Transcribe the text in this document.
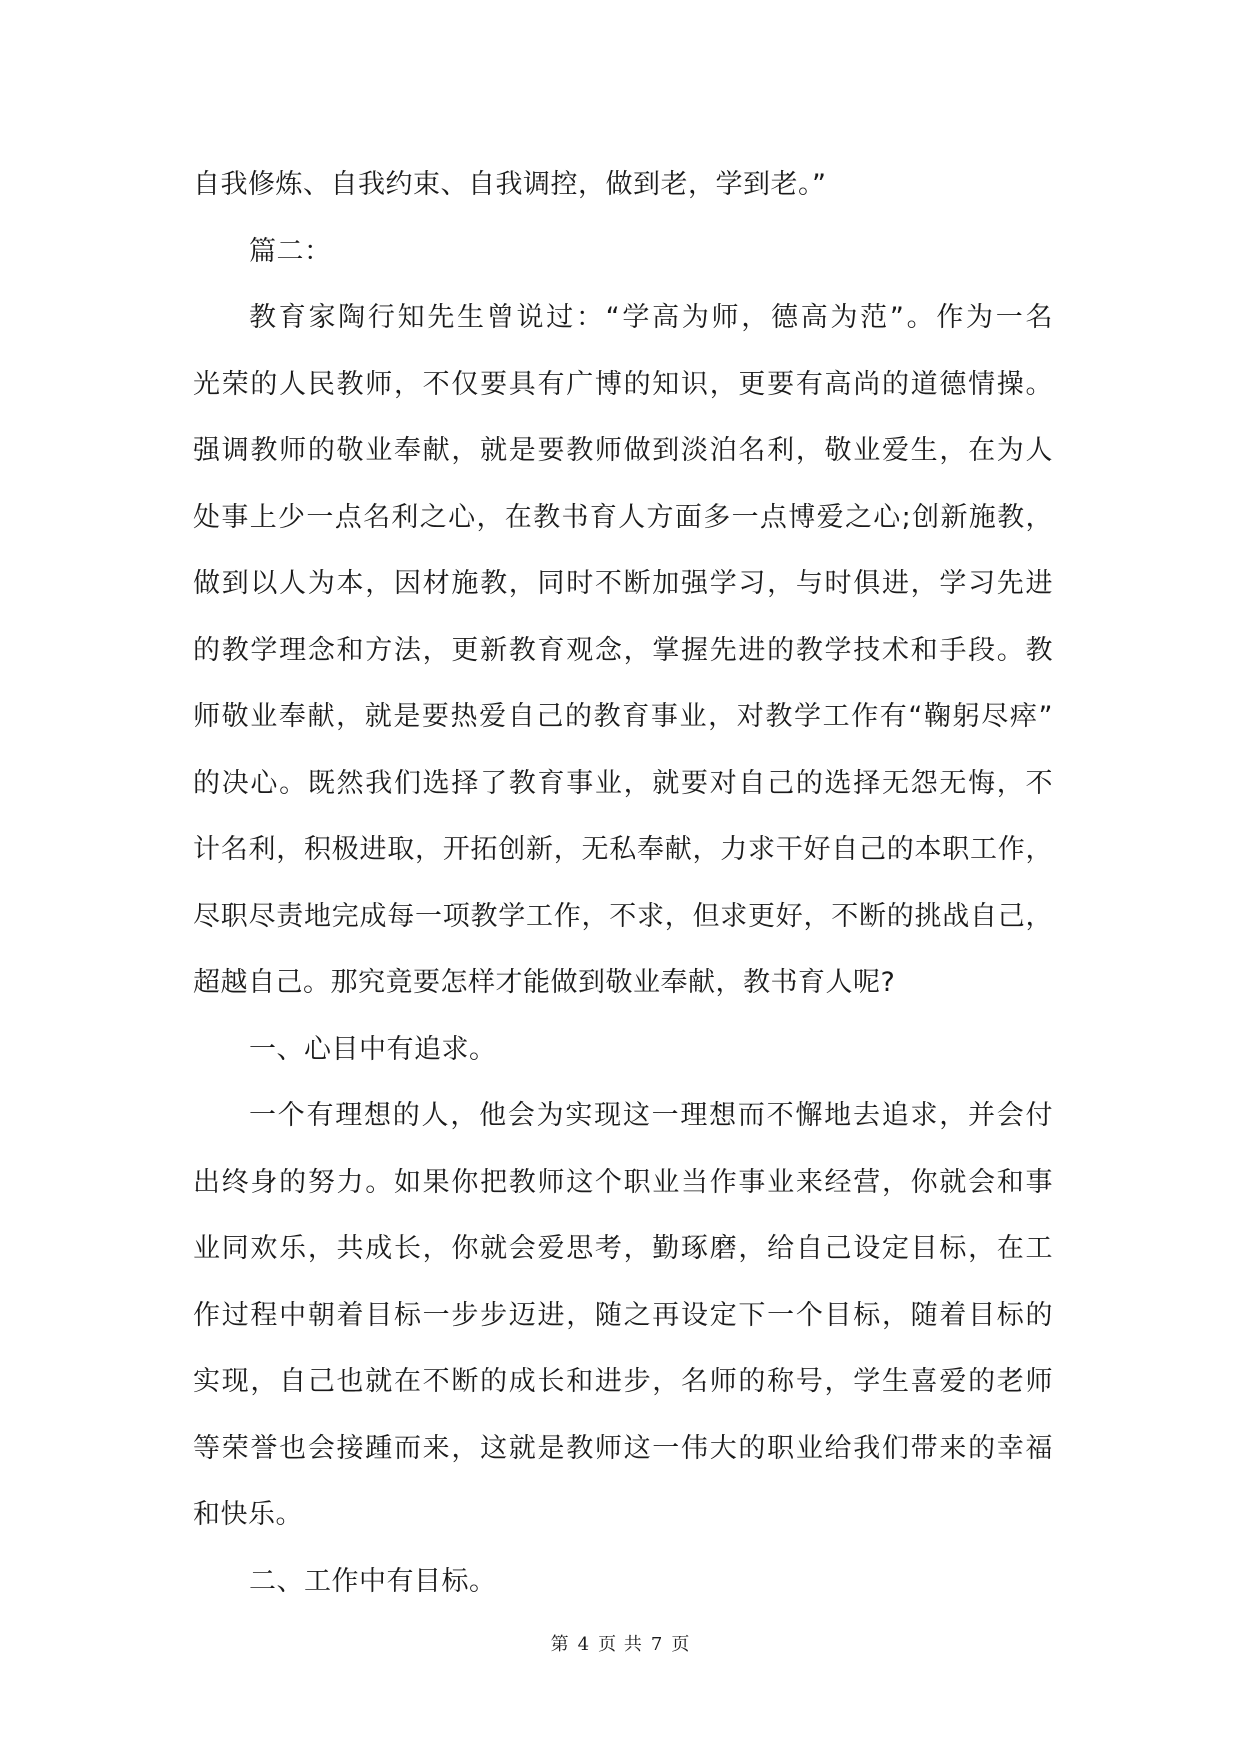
自我修炼、自我约束、自我调控，做到老，学到老。”
篇二：
教育家陶行知先生曾说过：“学高为师，德高为范”。作为一名
光荣的人民教师，不仅要具有广博的知识，更要有高尚的道德情操。
强调教师的敬业奉献，就是要教师做到淡泊名利，敬业爱生，在为人
处事上少一点名利之心，在教书育人方面多一点博爱之心;创新施教，
做到以人为本，因材施教，同时不断加强学习，与时俱进，学习先进
的教学理念和方法，更新教育观念，掌握先进的教学技术和手段。教
师敬业奉献，就是要热爱自己的教育事业，对教学工作有“鞠躬尽瘁”
的决心。既然我们选择了教育事业，就要对自己的选择无怨无悔，不
计名利，积极进取，开拓创新，无私奉献，力求干好自己的本职工作，
尽职尽责地完成每一项教学工作，不求，但求更好，不断的挑战自己，
超越自己。那究竟要怎样才能做到敬业奉献，教书育人呢?
一、心目中有追求。
一个有理想的人，他会为实现这一理想而不懈地去追求，并会付
出终身的努力。如果你把教师这个职业当作事业来经营，你就会和事
业同欢乐，共成长，你就会爱思考，勤琢磨，给自己设定目标，在工
作过程中朝着目标一步步迈进，随之再设定下一个目标，随着目标的
实现，自己也就在不断的成长和进步，名师的称号，学生喜爱的老师
等荣誉也会接踵而来，这就是教师这一伟大的职业给我们带来的幸福
和快乐。
二、工作中有目标。
第 4 页 共 7 页
